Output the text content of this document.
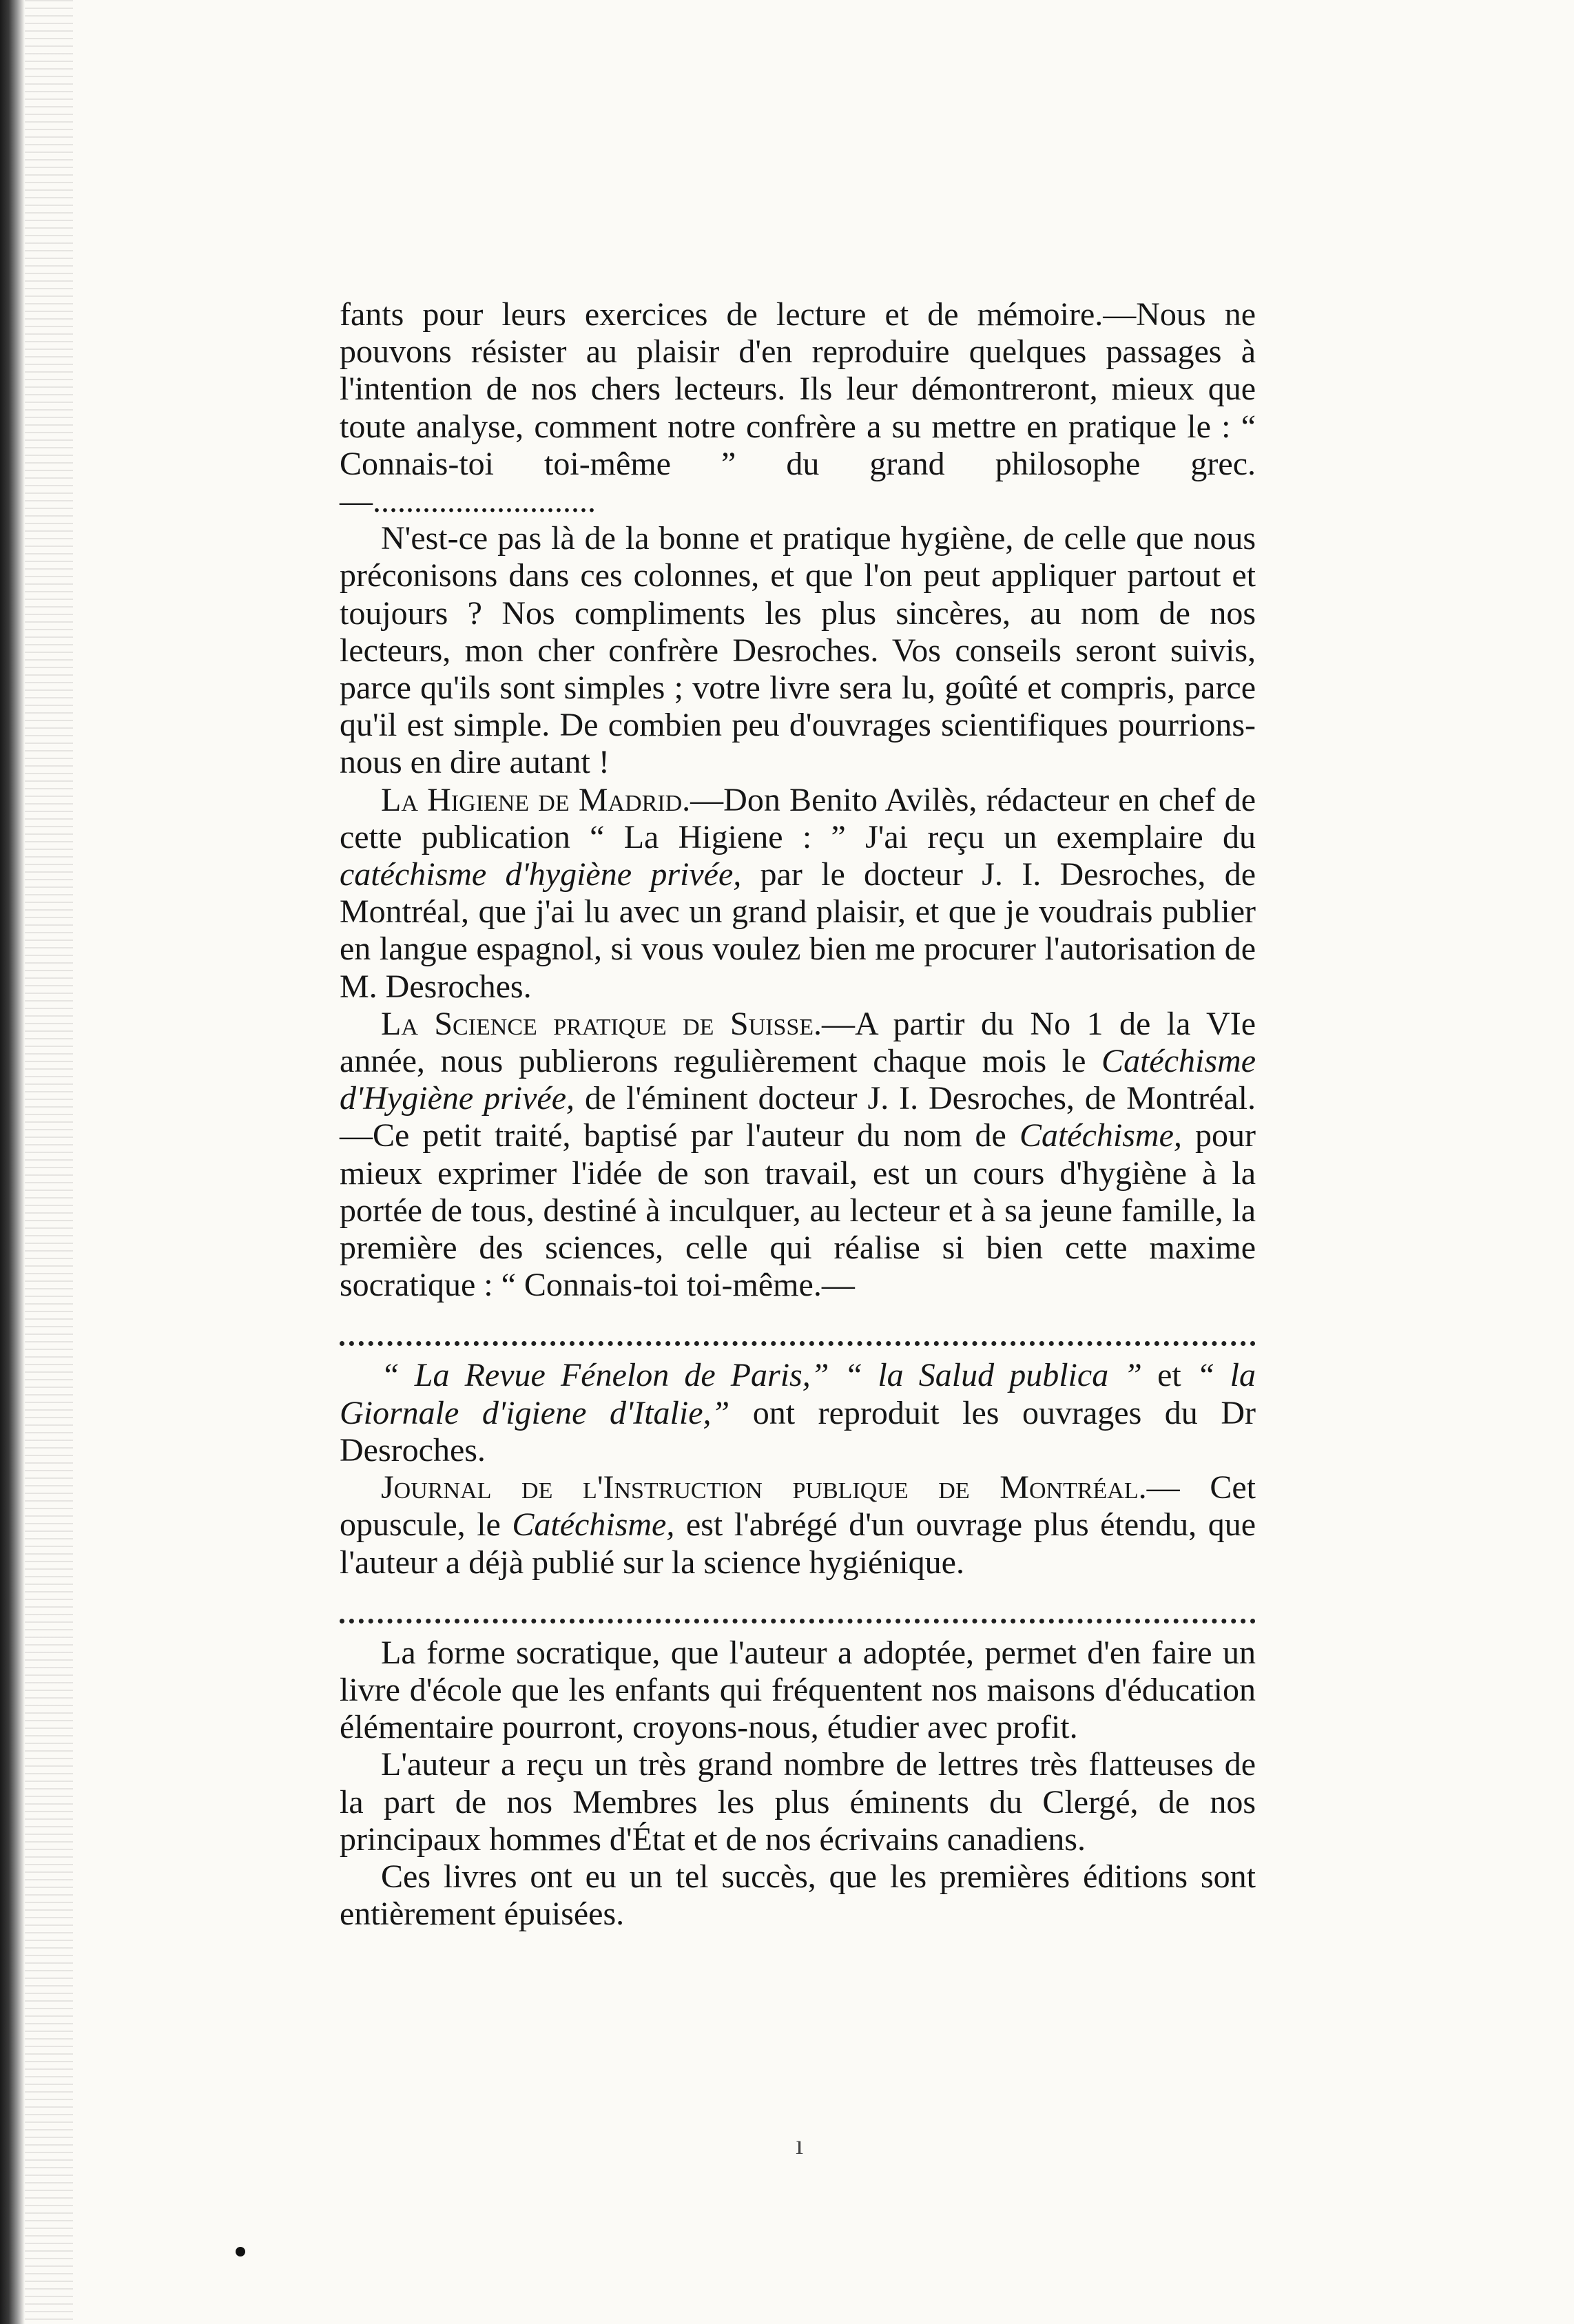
fants pour leurs exercices de lecture et de mémoire.—Nous ne pouvons résister au plaisir d'en reproduire quelques passages à l'intention de nos chers lecteurs. Ils leur démontreront, mieux que toute analyse, comment notre confrère a su mettre en pratique le : “ Connais-toi toi-même ” du grand philosophe grec.—...........................

N'est-ce pas là de la bonne et pratique hygiène, de celle que nous préconisons dans ces colonnes, et que l'on peut appliquer partout et toujours ? Nos compliments les plus sincères, au nom de nos lecteurs, mon cher confrère Desroches. Vos conseils seront suivis, parce qu'ils sont simples ; votre livre sera lu, goûté et compris, parce qu'il est simple. De combien peu d'ouvrages scientifiques pourrions-nous en dire autant !

La Higiene de Madrid.—Don Benito Avilès, rédacteur en chef de cette publication “ La Higiene : ” J'ai reçu un exemplaire du catéchisme d'hygiène privée, par le docteur J. I. Desroches, de Montréal, que j'ai lu avec un grand plaisir, et que je voudrais publier en langue espagnol, si vous voulez bien me procurer l'autorisation de M. Desroches.

La Science pratique de Suisse.—A partir du No 1 de la VIe année, nous publierons regulièrement chaque mois le Catéchisme d'Hygiène privée, de l'éminent docteur J. I. Desroches, de Montréal.—Ce petit traité, baptisé par l'auteur du nom de Catéchisme, pour mieux exprimer l'idée de son travail, est un cours d'hygiène à la portée de tous, destiné à inculquer, au lecteur et à sa jeune famille, la première des sciences, celle qui réalise si bien cette maxime socratique : “ Connais-toi toi-même.—

“ La Revue Fénelon de Paris,” “ la Salud publica ” et “ la Giornale d'igiene d'Italie,” ont reproduit les ouvrages du Dr Desroches.

Journal de l'Instruction publique de Montréal.— Cet opuscule, le Catéchisme, est l'abrégé d'un ouvrage plus étendu, que l'auteur a déjà publié sur la science hygiénique.

La forme socratique, que l'auteur a adoptée, permet d'en faire un livre d'école que les enfants qui fréquentent nos maisons d'éducation élémentaire pourront, croyons-nous, étudier avec profit.

L'auteur a reçu un très grand nombre de lettres très flatteuses de la part de nos Membres les plus éminents du Clergé, de nos principaux hommes d'État et de nos écrivains canadiens.

Ces livres ont eu un tel succès, que les premières éditions sont entièrement épuisées.

ı
